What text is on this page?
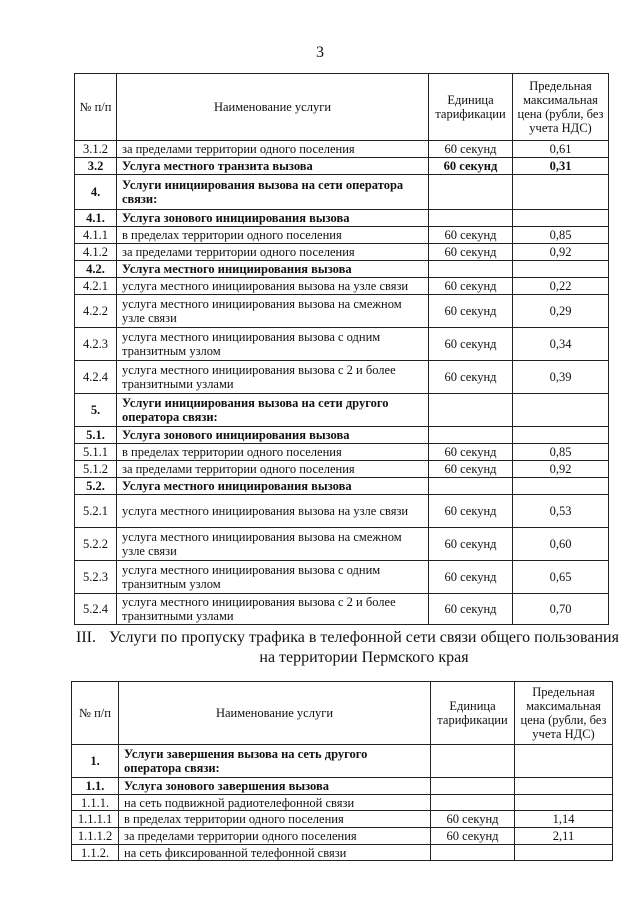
3
№ п/п	Наименование услуги	Единица тарификации	Предельная максимальная цена (рубли, без учета НДС)
3.1.2	за пределами территории одного поселения	60 секунд	0,61
3.2	Услуга местного транзита вызова	60 секунд	0,31
4.	Услуги инициирования вызова на сети оператора связи:		
4.1.	Услуга зонового инициирования вызова		
4.1.1	в пределах территории одного поселения	60 секунд	0,85
4.1.2	за пределами территории одного поселения	60 секунд	0,92
4.2.	Услуга местного инициирования вызова		
4.2.1	услуга местного инициирования вызова на узле связи	60 секунд	0,22
4.2.2	услуга местного инициирования вызова на смежном узле связи	60 секунд	0,29
4.2.3	услуга местного инициирования вызова с одним транзитным узлом	60 секунд	0,34
4.2.4	услуга местного инициирования вызова с 2 и более транзитными узлами	60 секунд	0,39
5.	Услуги инициирования вызова на сети другого оператора связи:		
5.1.	Услуга зонового инициирования вызова		
5.1.1	в пределах территории одного поселения	60 секунд	0,85
5.1.2	за пределами территории одного поселения	60 секунд	0,92
5.2.	Услуга местного инициирования вызова		
5.2.1	услуга местного инициирования вызова на узле связи	60 секунд	0,53
5.2.2	услуга местного инициирования вызова на смежном узле связи	60 секунд	0,60
5.2.3	услуга местного инициирования вызова с одним транзитным узлом	60 секунд	0,65
5.2.4	услуга местного инициирования вызова с 2 и более транзитными узлами	60 секунд	0,70
III. Услуги по пропуску трафика в телефонной сети связи общего пользования
на территории Пермского края
№ п/п	Наименование услуги	Единица тарификации	Предельная максимальная цена (рубли, без учета НДС)
1.	Услуги завершения вызова на сеть другого оператора связи:		
1.1.	Услуга зонового завершения вызова		
1.1.1.	на сеть подвижной радиотелефонной связи		
1.1.1.1	в пределах территории одного поселения	60 секунд	1,14
1.1.1.2	за пределами территории одного поселения	60 секунд	2,11
1.1.2.	на сеть фиксированной телефонной связи		
